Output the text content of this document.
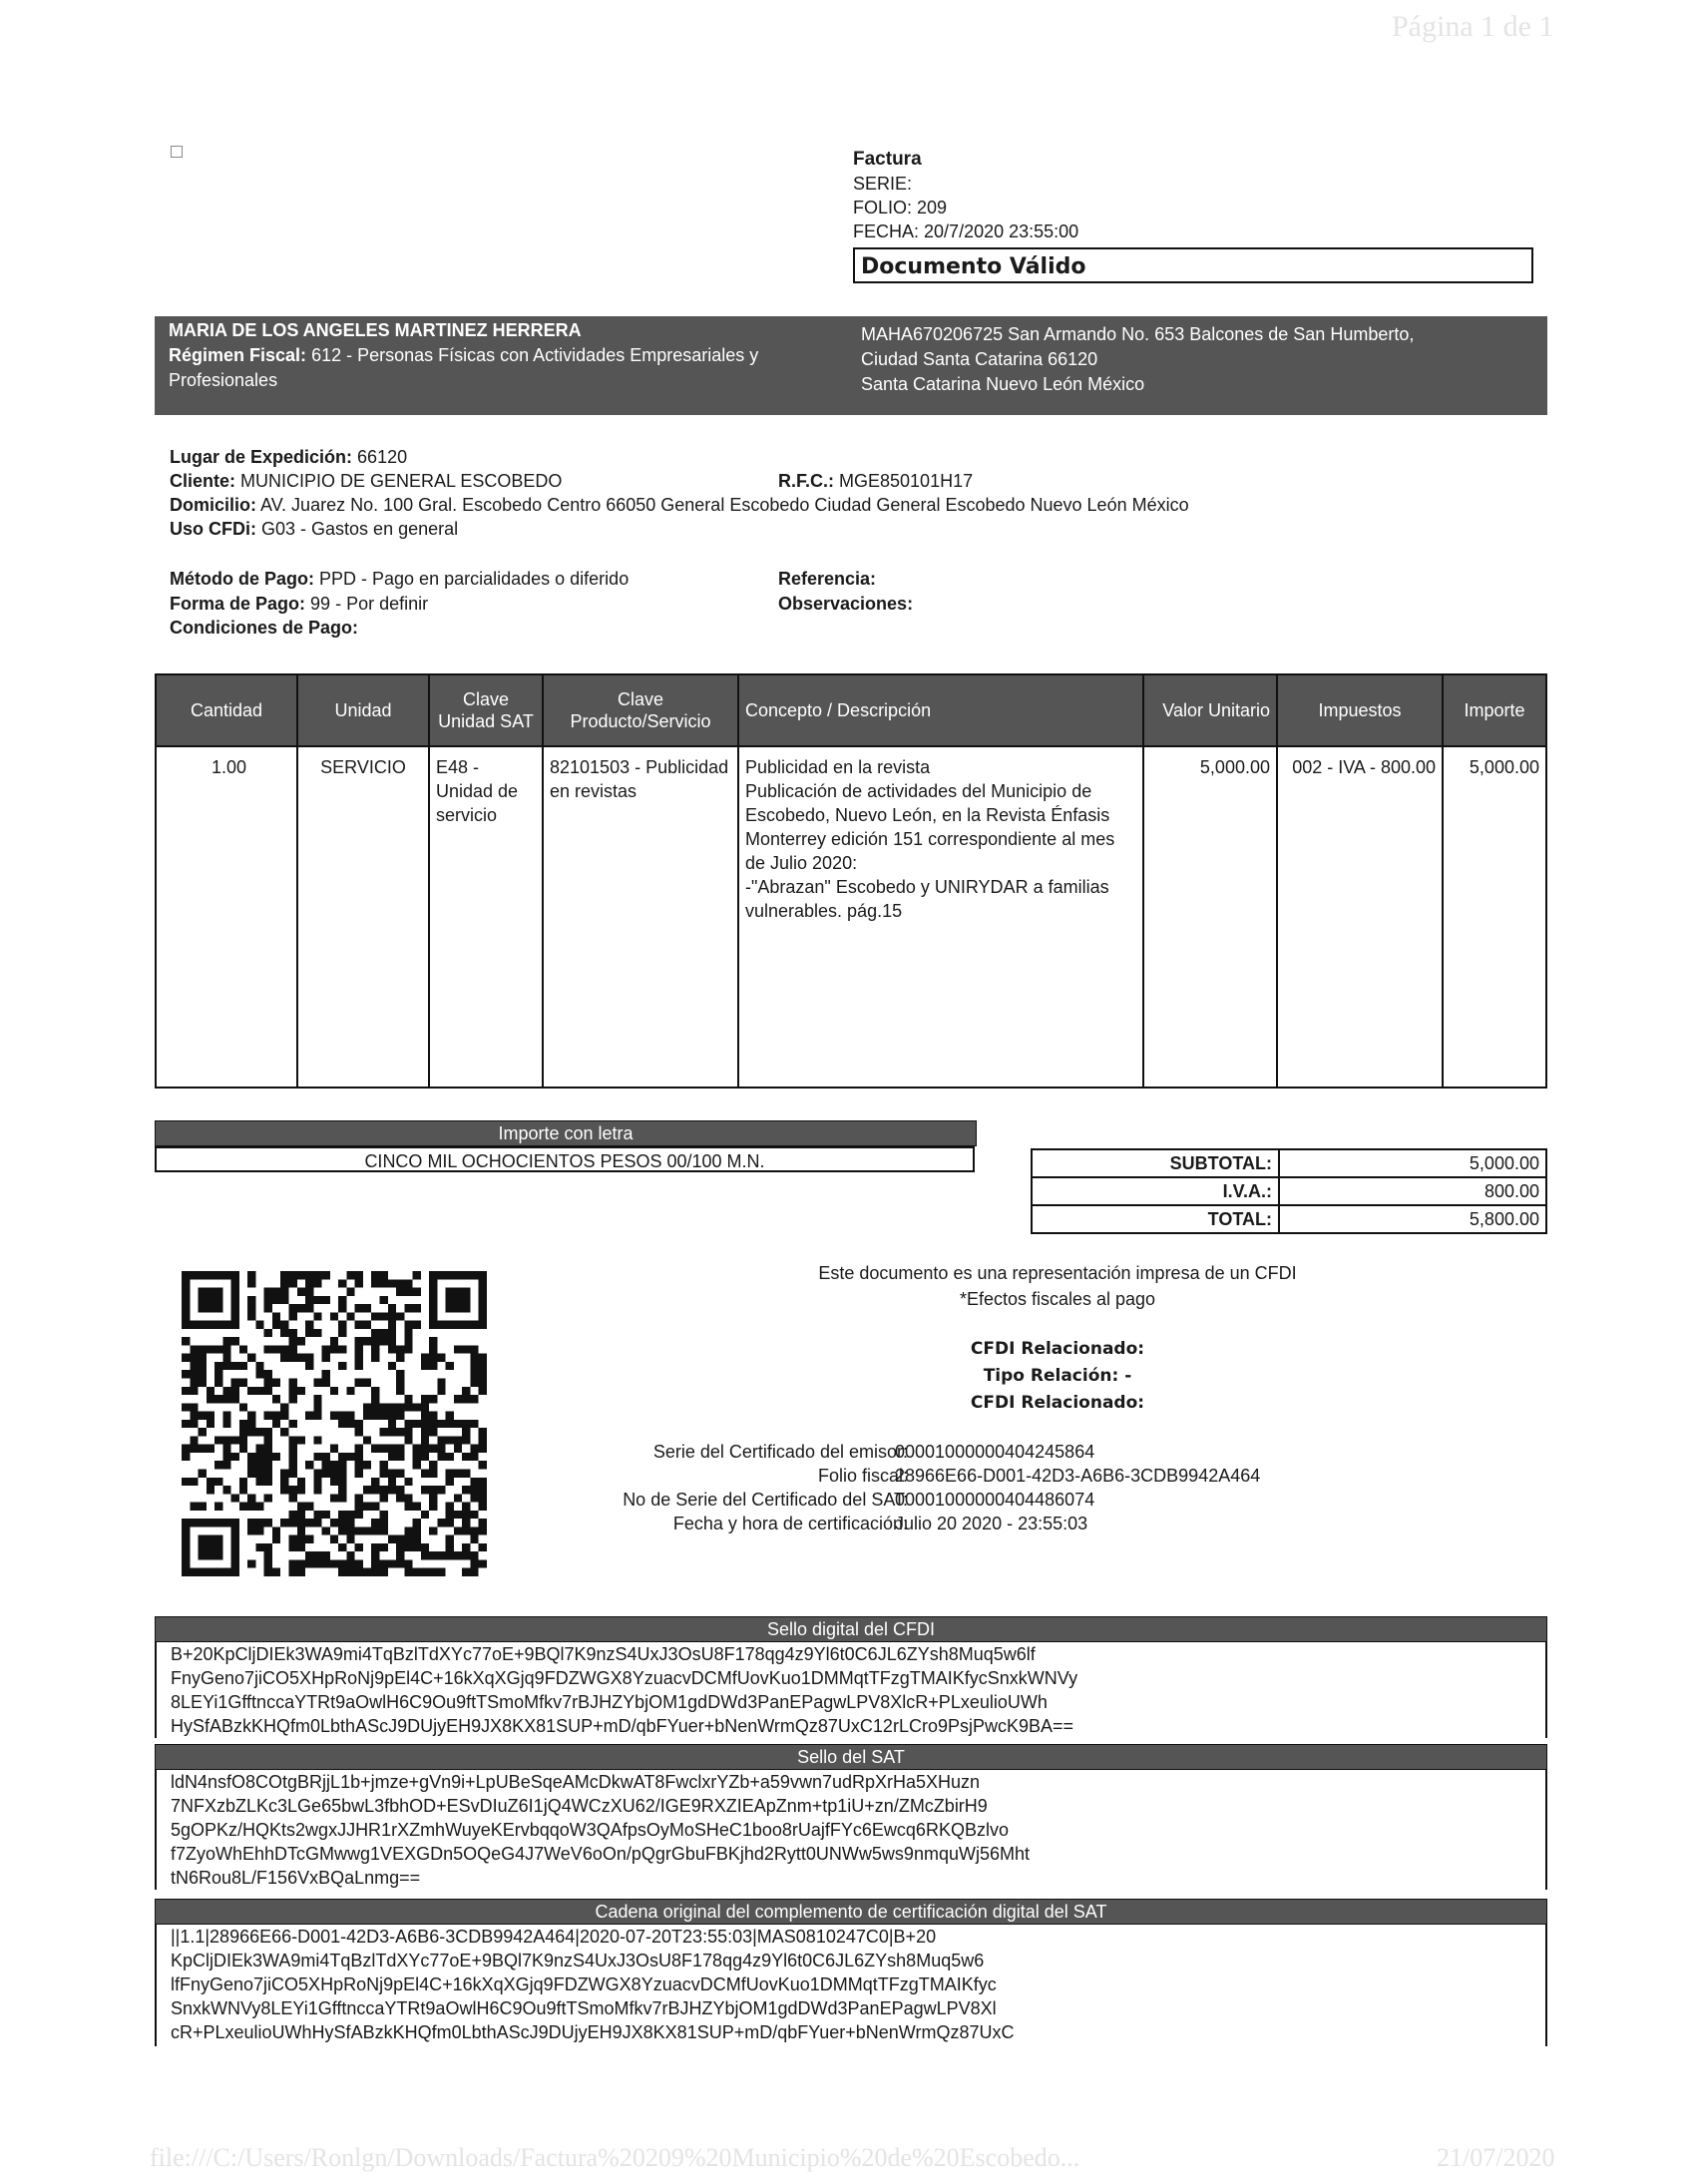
Página 1 de 1
file:///C:/Users/Ronlgn/Downloads/Factura%20209%20Municipio%20de%20Escobedo...	21/07/2020
Factura
SERIE:
FOLIO: 209
FECHA: 20/7/2020 23:55:00
Documento Válido
MARIA DE LOS ANGELES MARTINEZ HERRERA
Régimen Fiscal: 612 - Personas Físicas con Actividades Empresariales y Profesionales
MAHA670206725 San Armando No. 653 Balcones de San Humberto,
Ciudad Santa Catarina 66120
Santa Catarina Nuevo León México
Lugar de Expedición: 66120
Cliente: MUNICIPIO DE GENERAL ESCOBEDO	R.F.C.: MGE850101H17
Domicilio: AV. Juarez No. 100 Gral. Escobedo Centro 66050 General Escobedo Ciudad General Escobedo Nuevo León México
Uso CFDi: G03 - Gastos en general
Método de Pago: PPD - Pago en parcialidades o diferido
Forma de Pago: 99 - Por definir
Condiciones de Pago:
Referencia:
Observaciones:
Cantidad	Unidad	Clave Unidad SAT	Clave Producto/Servicio	Concepto / Descripción	Valor Unitario	Impuestos	Importe
1.00	SERVICIO	E48 - Unidad de servicio	82101503 - Publicidad en revistas	Publicidad en la revista
Publicación de actividades del Municipio de Escobedo, Nuevo León, en la Revista Énfasis Monterrey edición 151 correspondiente al mes de Julio 2020:
-"Abrazan" Escobedo y UNIRYDAR a familias vulnerables. pág.15	5,000.00	002 - IVA - 800.00	5,000.00
Importe con letra
CINCO MIL OCHOCIENTOS PESOS 00/100 M.N.	SUBTOTAL:	5,000.00
I.V.A.:	800.00
TOTAL:	5,800.00
Este documento es una representación impresa de un CFDI
*Efectos fiscales al pago
CFDI Relacionado:
Tipo Relación: -
CFDI Relacionado:
Serie del Certificado del emisor:
00001000000404245864
Folio fiscal:
28966E66-D001-42D3-A6B6-3CDB9942A464
No de Serie del Certificado del SAT:
00001000000404486074
Fecha y hora de certificación:
Julio 20 2020 - 23:55:03
Sello digital del CFDI
B+20KpCljDIEk3WA9mi4TqBzlTdXYc77oE+9BQl7K9nzS4UxJ3OsU8F178qg4z9Yl6t0C6JL6ZYsh8Muq5w6lf
FnyGeno7jiCO5XHpRoNj9pEl4C+16kXqXGjq9FDZWGX8YzuacvDCMfUovKuo1DMMqtTFzgTMAIKfycSnxkWNVy
8LEYi1GfftnccaYTRt9aOwlH6C9Ou9ftTSmoMfkv7rBJHZYbjOM1gdDWd3PanEPagwLPV8XlcR+PLxeulioUWh
HySfABzkKHQfm0LbthAScJ9DUjyEH9JX8KX81SUP+mD/qbFYuer+bNenWrmQz87UxC12rLCro9PsjPwcK9BA==
Sello del SAT
ldN4nsfO8COtgBRjjL1b+jmze+gVn9i+LpUBeSqeAMcDkwAT8FwclxrYZb+a59vwn7udRpXrHa5XHuzn
7NFXzbZLKc3LGe65bwL3fbhOD+ESvDIuZ6I1jQ4WCzXU62/IGE9RXZIEApZnm+tp1iU+zn/ZMcZbirH9
5gOPKz/HQKts2wgxJJHR1rXZmhWuyeKErvbqqoW3QAfpsOyMoSHeC1boo8rUajfFYc6Ewcq6RKQBzlvo
f7ZyoWhEhhDTcGMwwg1VEXGDn5OQeG4J7WeV6oOn/pQgrGbuFBKjhd2Rytt0UNWw5ws9nmquWj56Mht
tN6Rou8L/F156VxBQaLnmg==
Cadena original del complemento de certificación digital del SAT
||1.1|28966E66-D001-42D3-A6B6-3CDB9942A464|2020-07-20T23:55:03|MAS0810247C0|B+20
KpCljDIEk3WA9mi4TqBzlTdXYc77oE+9BQl7K9nzS4UxJ3OsU8F178qg4z9Yl6t0C6JL6ZYsh8Muq5w6
lfFnyGeno7jiCO5XHpRoNj9pEl4C+16kXqXGjq9FDZWGX8YzuacvDCMfUovKuo1DMMqtTFzgTMAIKfyc
SnxkWNVy8LEYi1GfftnccaYTRt9aOwlH6C9Ou9ftTSmoMfkv7rBJHZYbjOM1gdDWd3PanEPagwLPV8Xl
cR+PLxeulioUWhHySfABzkKHQfm0LbthAScJ9DUjyEH9JX8KX81SUP+mD/qbFYuer+bNenWrmQz87UxC
